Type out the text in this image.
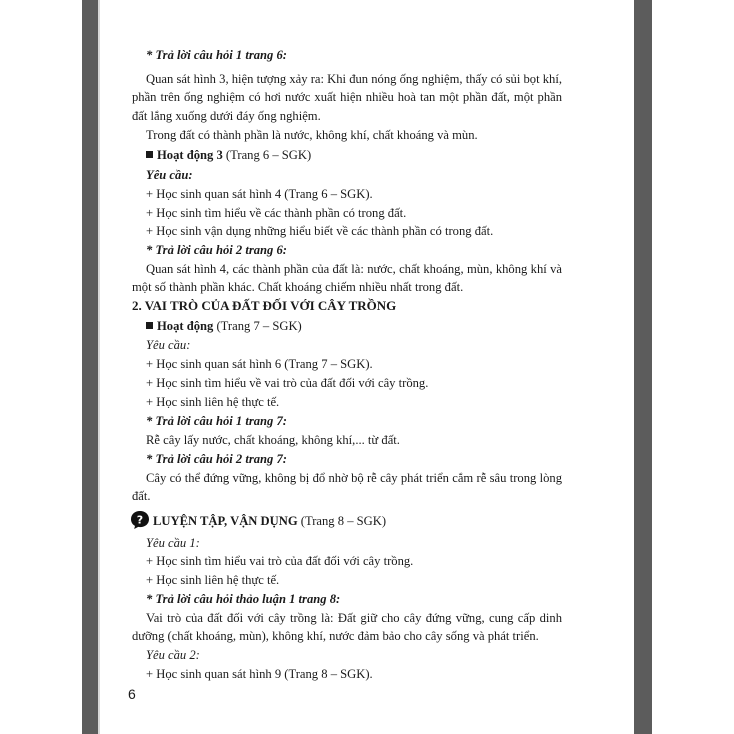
* Trả lời câu hỏi 1 trang 6:
Quan sát hình 3, hiện tượng xảy ra: Khi đun nóng ống nghiệm, thấy có sủi bọt khí, phần trên ống nghiệm có hơi nước xuất hiện nhiều hoà tan một phần đất, một phần đất lắng xuống dưới đáy ống nghiệm.
Trong đất có thành phần là nước, không khí, chất khoáng và mùn.
Hoạt động 3 (Trang 6 – SGK)
Yêu cầu:
+ Học sinh quan sát hình 4 (Trang 6 – SGK).
+ Học sinh tìm hiểu về các thành phần có trong đất.
+ Học sinh vận dụng những hiểu biết về các thành phần có trong đất.
* Trả lời câu hỏi 2 trang 6:
Quan sát hình 4, các thành phần của đất là: nước, chất khoáng, mùn, không khí và một số thành phần khác. Chất khoáng chiếm nhiều nhất trong đất.
2. VAI TRÒ CỦA ĐẤT ĐỐI VỚI CÂY TRỒNG
Hoạt động (Trang 7 – SGK)
Yêu cầu:
+ Học sinh quan sát hình 6 (Trang 7 – SGK).
+ Học sinh tìm hiểu về vai trò của đất đối với cây trồng.
+ Học sinh liên hệ thực tế.
* Trả lời câu hỏi 1 trang 7:
Rễ cây lấy nước, chất khoáng, không khí,... từ đất.
* Trả lời câu hỏi 2 trang 7:
Cây có thể đứng vững, không bị đổ nhờ bộ rễ cây phát triển cắm rễ sâu trong lòng đất.
? LUYỆN TẬP, VẬN DỤNG (Trang 8 – SGK)
Yêu cầu 1:
+ Học sinh tìm hiểu vai trò của đất đối với cây trồng.
+ Học sinh liên hệ thực tế.
* Trả lời câu hỏi thảo luận 1 trang 8:
Vai trò của đất đối với cây trồng là: Đất giữ cho cây đứng vững, cung cấp dinh dưỡng (chất khoáng, mùn), không khí, nước đảm bảo cho cây sống và phát triển.
Yêu cầu 2:
+ Học sinh quan sát hình 9 (Trang 8 – SGK).
6
